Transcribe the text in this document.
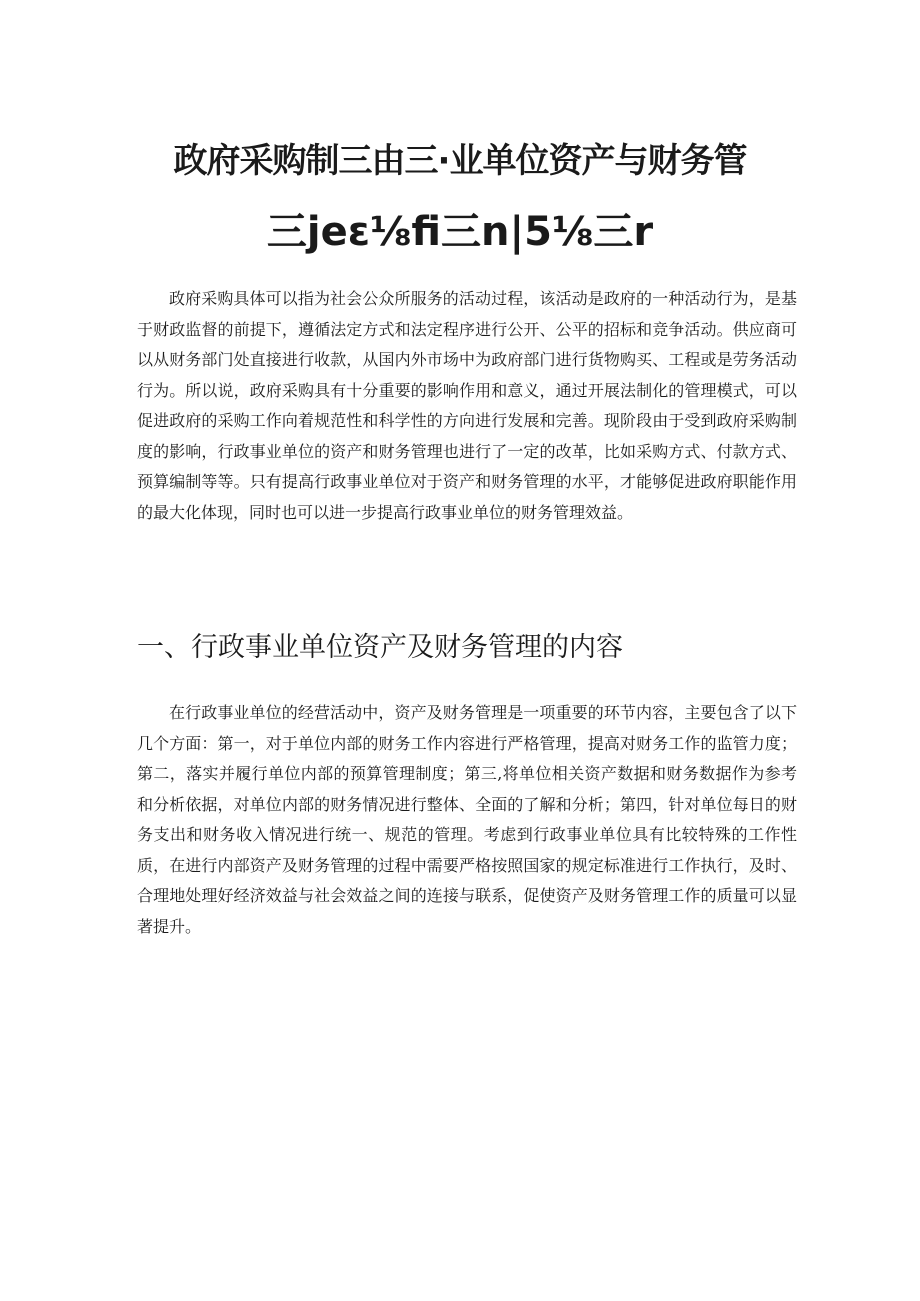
政府采购制三由三·业单位资产与财务管
三jeε⅛fi三n|5⅛三r

政府采购具体可以指为社会公众所服务的活动过程，该活动是政府的一种活动行为，是基于财政监督的前提下，遵循法定方式和法定程序进行公开、公平的招标和竞争活动。供应商可以从财务部门处直接进行收款，从国内外市场中为政府部门进行货物购买、工程或是劳务活动行为。所以说，政府采购具有十分重要的影响作用和意义，通过开展法制化的管理模式，可以促进政府的采购工作向着规范性和科学性的方向进行发展和完善。现阶段由于受到政府采购制度的影响，行政事业单位的资产和财务管理也进行了一定的改革，比如采购方式、付款方式、预算编制等等。只有提高行政事业单位对于资产和财务管理的水平，才能够促进政府职能作用的最大化体现，同时也可以进一步提高行政事业单位的财务管理效益。

一、行政事业单位资产及财务管理的内容

在行政事业单位的经营活动中，资产及财务管理是一项重要的环节内容，主要包含了以下几个方面：第一，对于单位内部的财务工作内容进行严格管理，提高对财务工作的监管力度；第二，落实并履行单位内部的预算管理制度；第三,将单位相关资产数据和财务数据作为参考和分析依据，对单位内部的财务情况进行整体、全面的了解和分析；第四，针对单位每日的财务支出和财务收入情况进行统一、规范的管理。考虑到行政事业单位具有比较特殊的工作性质，在进行内部资产及财务管理的过程中需要严格按照国家的规定标准进行工作执行，及时、合理地处理好经济效益与社会效益之间的连接与联系，促使资产及财务管理工作的质量可以显著提升。
